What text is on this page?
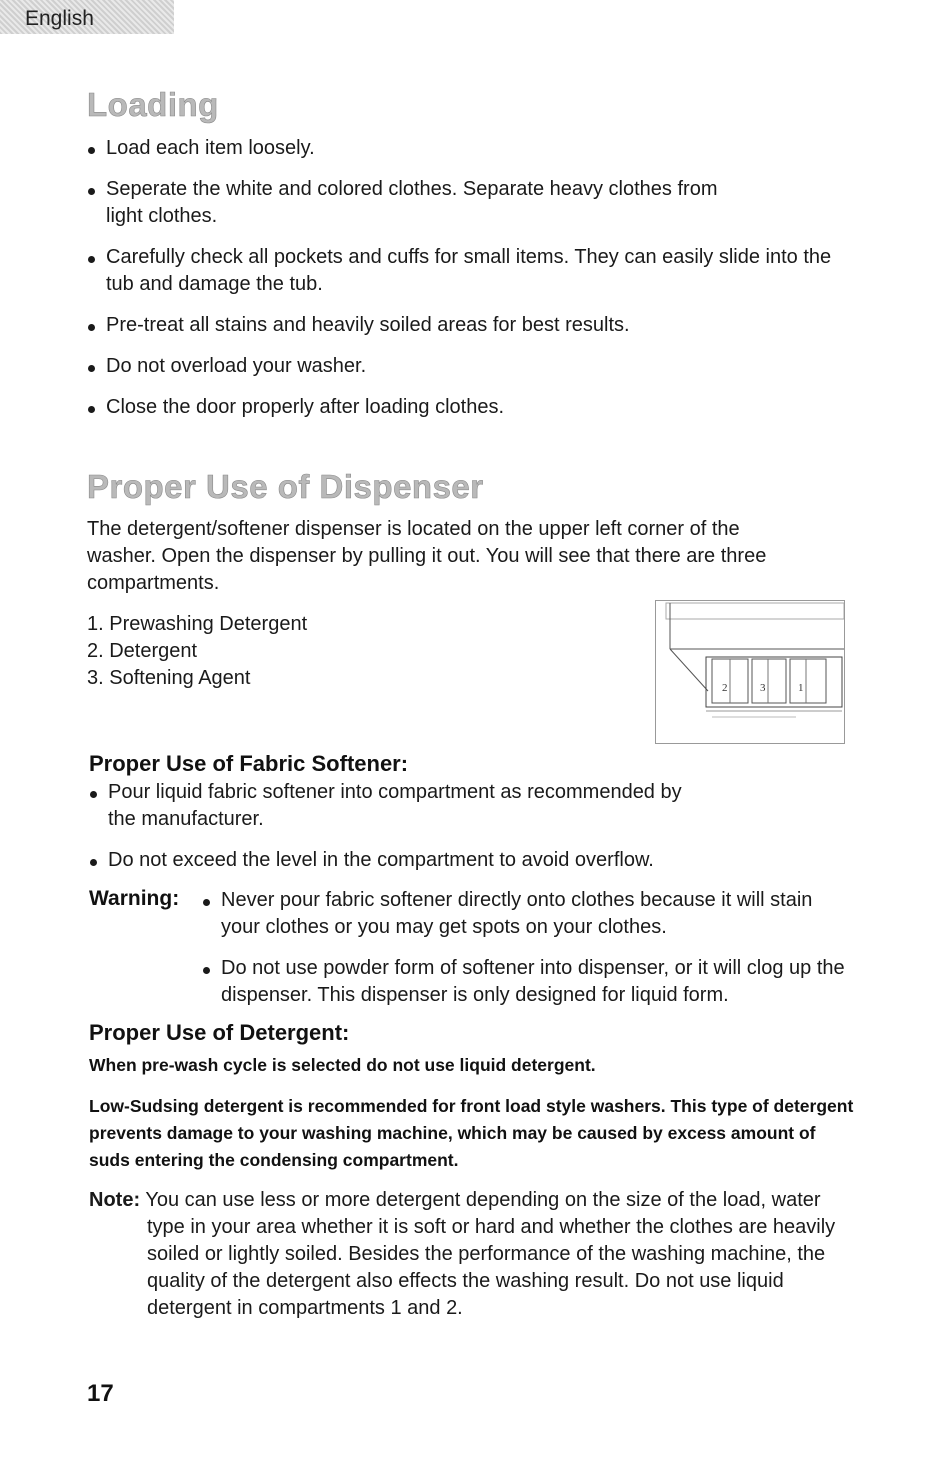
English
Loading
Load each item loosely.
Seperate the white and colored clothes. Separate heavy clothes from light clothes.
Carefully check all pockets and cuffs for small items. They can easily slide into the tub and damage the tub.
Pre-treat all stains and heavily soiled areas for best results.
Do not overload your washer.
Close the door properly after loading clothes.
Proper Use of Dispenser
The detergent/softener dispenser is located on the upper left corner of the washer. Open the dispenser by pulling it out. You will see that there are three compartments.
1. Prewashing Detergent
2. Detergent
3. Softening Agent	2	3	1
Proper Use of Fabric Softener:
Pour liquid fabric softener into compartment as recommended by the manufacturer.
Do not exceed the level in the compartment to avoid overflow.
Warning:	Never pour fabric softener directly onto clothes because it will stain your clothes or you may get spots on your clothes.
Do not use powder form of softener into dispenser, or it will clog up the dispenser. This dispenser is only designed for liquid form.
Proper Use of Detergent:
When pre-wash cycle is selected do not use liquid detergent.
Low-Sudsing detergent is recommended for front load style washers. This type of detergent prevents damage to your washing machine, which may be caused by excess amount of suds entering the condensing compartment.
Note: You can use less or more detergent depending on the size of the load, water type in your area whether it is soft or hard and whether the clothes are heavily soiled or lightly soiled. Besides the performance of the washing machine, the quality of the detergent also effects the washing result. Do not use liquid detergent in compartments 1 and 2.
17
